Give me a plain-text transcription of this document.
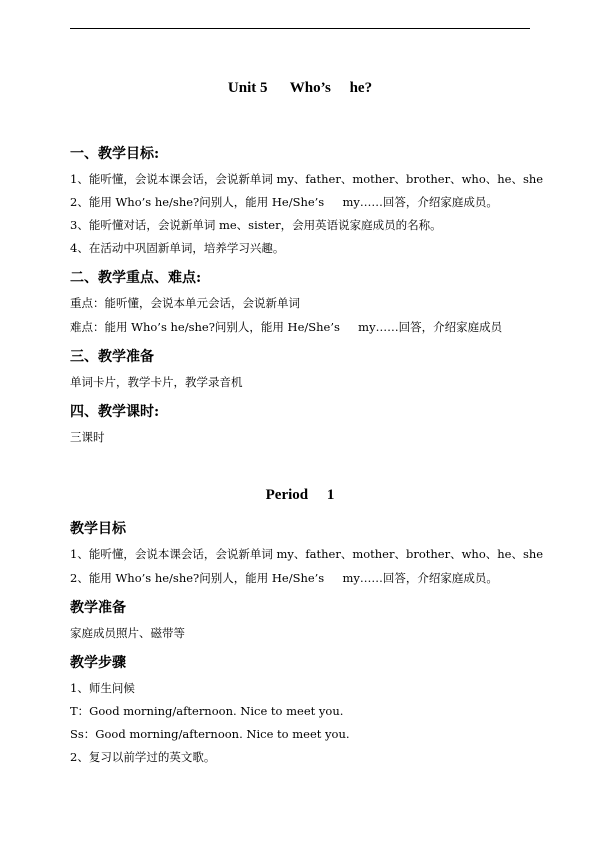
Unit 5      Who’s     he?
一、教学目标:
1、能听懂，会说本课会话，会说新单词 my、father、mother、brother、who、he、she
2、能用 Who’s he/she?问别人，能用 He/She’s     my……回答，介绍家庭成员。
3、能听懂对话，会说新单词 me、sister，会用英语说家庭成员的名称。
4、在活动中巩固新单词，培养学习兴趣。
二、教学重点、难点:
重点：能听懂，会说本单元会话，会说新单词
难点：能用 Who’s he/she?问别人，能用 He/She’s     my……回答，介绍家庭成员
三、教学准备
单词卡片，教学卡片，教学录音机
四、教学课时:
三课时
Period     1
教学目标
1、能听懂，会说本课会话，会说新单词 my、father、mother、brother、who、he、she
2、能用 Who’s he/she?问别人，能用 He/She’s     my……回答，介绍家庭成员。
教学准备
家庭成员照片、磁带等
教学步骤
1、师生问候
T：Good morning/afternoon. Nice to meet you.
Ss：Good morning/afternoon. Nice to meet you.
2、复习以前学过的英文歌。
